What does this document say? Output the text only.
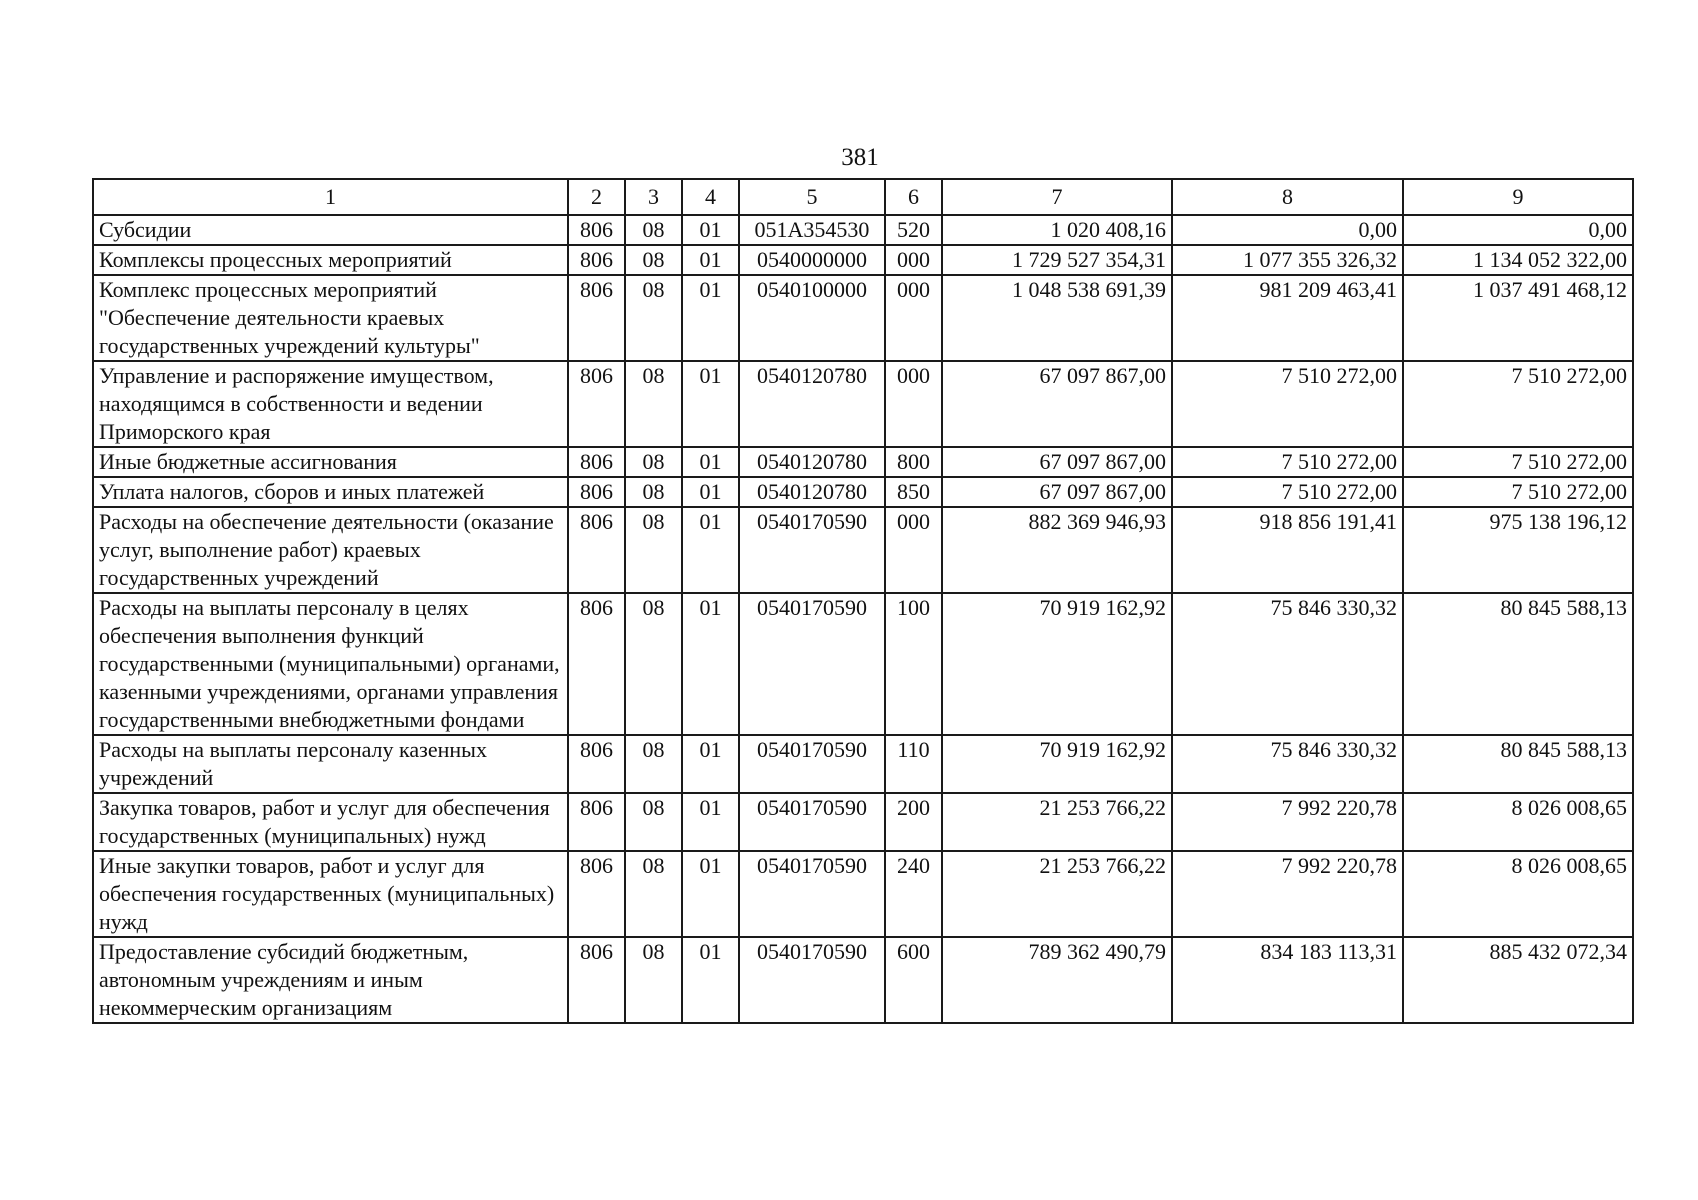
381
1	2	3	4	5	6	7	8	9
Субсидии	806	08	01	051А354530	520	1 020 408,16	0,00	0,00
Комплексы процессных мероприятий	806	08	01	0540000000	000	1 729 527 354,31	1 077 355 326,32	1 134 052 322,00
Комплекс процессных мероприятий "Обеспечение деятельности краевых государственных учреждений культуры"	806	08	01	0540100000	000	1 048 538 691,39	981 209 463,41	1 037 491 468,12
Управление и распоряжение имуществом, находящимся в собственности и ведении Приморского края	806	08	01	0540120780	000	67 097 867,00	7 510 272,00	7 510 272,00
Иные бюджетные ассигнования	806	08	01	0540120780	800	67 097 867,00	7 510 272,00	7 510 272,00
Уплата налогов, сборов и иных платежей	806	08	01	0540120780	850	67 097 867,00	7 510 272,00	7 510 272,00
Расходы на обеспечение деятельности (оказание услуг, выполнение работ) краевых государственных учреждений	806	08	01	0540170590	000	882 369 946,93	918 856 191,41	975 138 196,12
Расходы на выплаты персоналу в целях обеспечения выполнения функций государственными (муниципальными) органами, казенными учреждениями, органами управления государственными внебюджетными фондами	806	08	01	0540170590	100	70 919 162,92	75 846 330,32	80 845 588,13
Расходы на выплаты персоналу казенных учреждений	806	08	01	0540170590	110	70 919 162,92	75 846 330,32	80 845 588,13
Закупка товаров, работ и услуг для обеспечения государственных (муниципальных) нужд	806	08	01	0540170590	200	21 253 766,22	7 992 220,78	8 026 008,65
Иные закупки товаров, работ и услуг для обеспечения государственных (муниципальных) нужд	806	08	01	0540170590	240	21 253 766,22	7 992 220,78	8 026 008,65
Предоставление субсидий бюджетным, автономным учреждениям и иным некоммерческим организациям	806	08	01	0540170590	600	789 362 490,79	834 183 113,31	885 432 072,34
